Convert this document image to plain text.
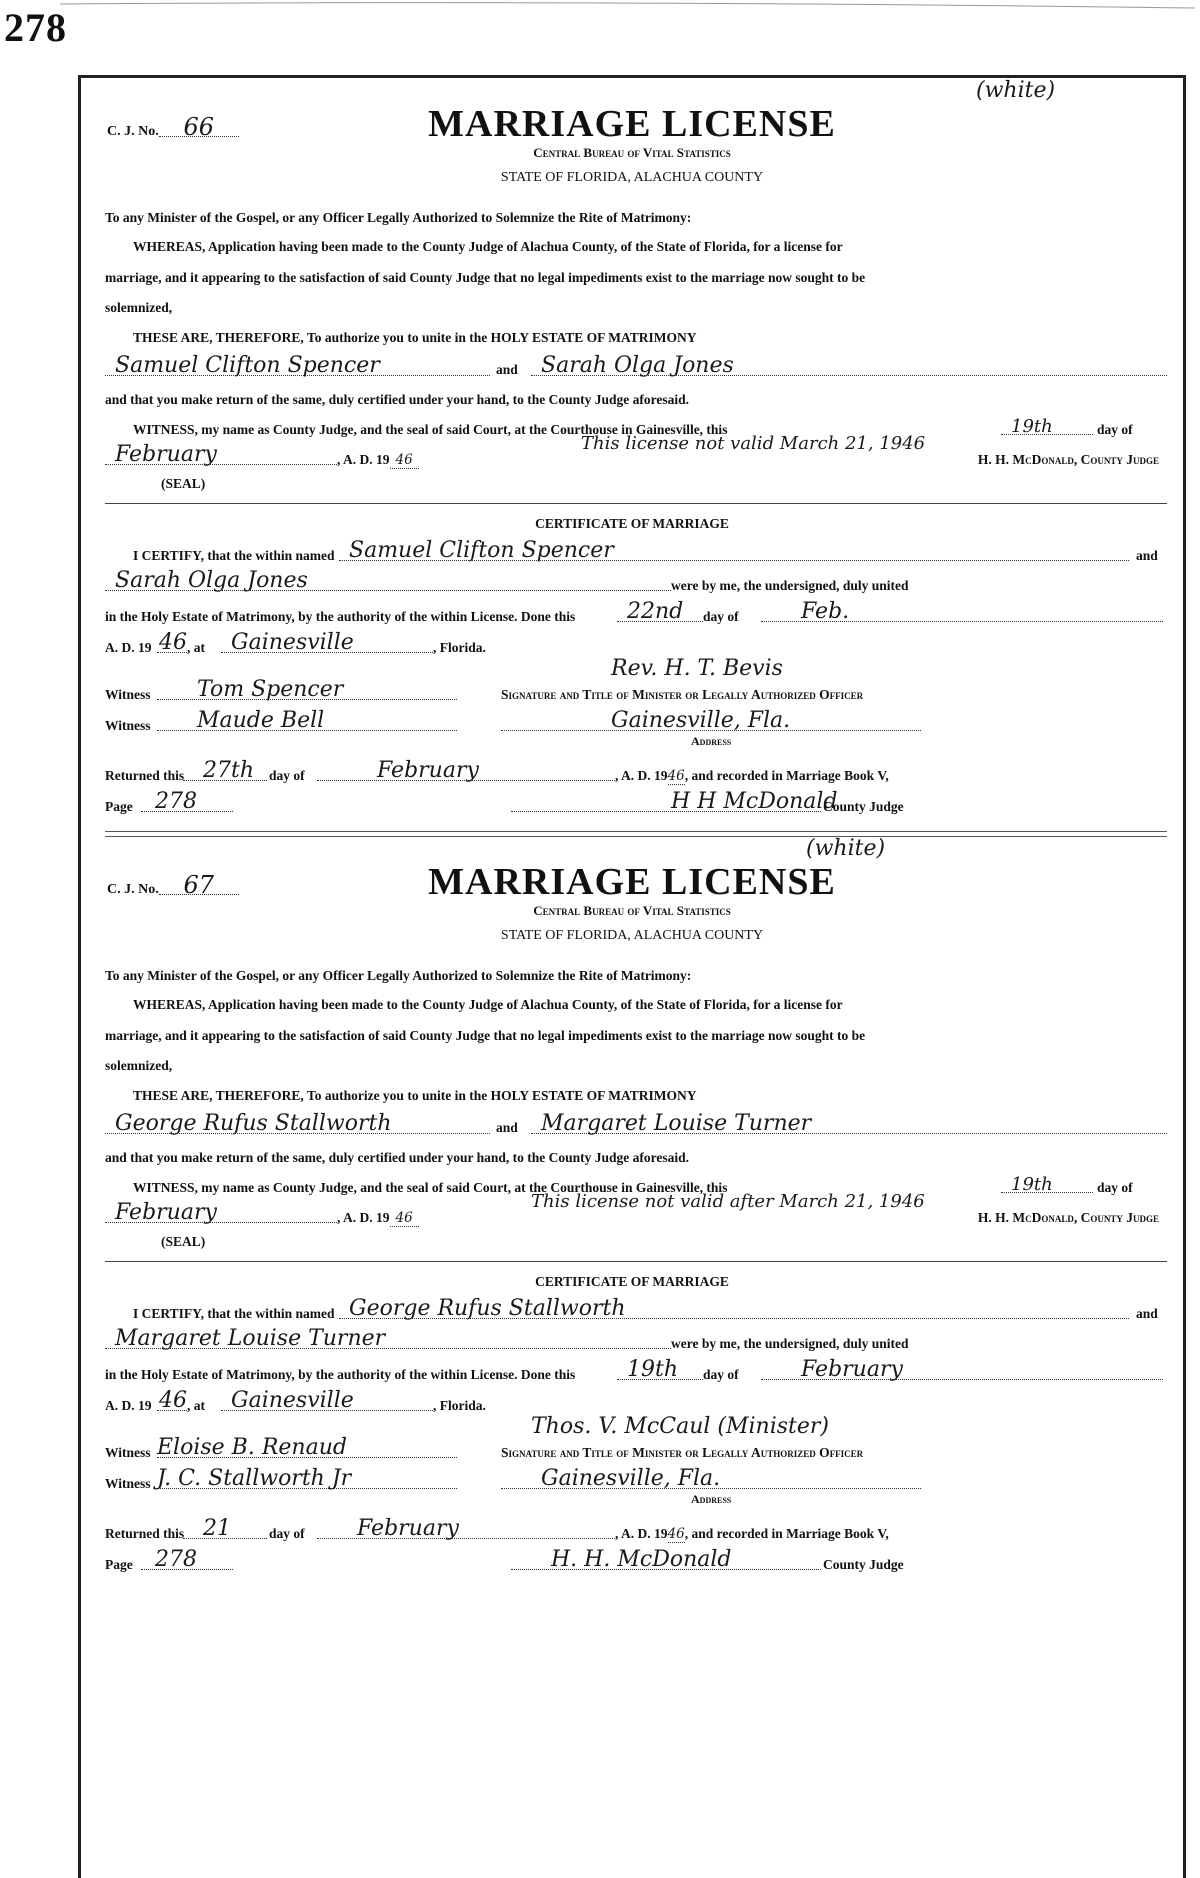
278
(white)
C. J. No. 66	MARRIAGE LICENSE
Central Bureau of Vital Statistics
STATE OF FLORIDA, ALACHUA COUNTY
To any Minister of the Gospel, or any Officer Legally Authorized to Solemnize the Rite of Matrimony:
WHEREAS, Application having been made to the County Judge of Alachua County, of the State of Florida, for a license for
marriage, and it appearing to the satisfaction of said County Judge that no legal impediments exist to the marriage now sought to be
solemnized,
THESE ARE, THEREFORE, To authorize you to unite in the HOLY ESTATE OF MATRIMONY
Samuel Clifton Spencer	and Sarah Olga Jones
and that you make return of the same, duly certified under your hand, to the County Judge aforesaid.
WITNESS, my name as County Judge, and the seal of said Court, at the Courthouse in Gainesville, this	19th	day of
This license not valid March 21, 1946
February	, A. D. 19 46	H. H. McDonald, County Judge
(SEAL)
CERTIFICATE OF MARRIAGE
I CERTIFY, that the within named Samuel Clifton Spencer	and
Sarah Olga Jones	were by me, the undersigned, duly united
in the Holy Estate of Matrimony, by the authority of the within License. Done this 22nd day of	Feb.
A. D. 19 46 , at Gainesville	, Florida.
Rev. H. T. Bevis
Witness Tom Spencer	Signature and Title of Minister or Legally Authorized Officer
Witness Maude Bell	Gainesville, Fla.
Address
Returned this 27th day of	February	, A. D. 1946, and recorded in Marriage Book V,
Page 278	H H McDonald
County Judge
(white)
C. J. No. 67	MARRIAGE LICENSE
Central Bureau of Vital Statistics
STATE OF FLORIDA, ALACHUA COUNTY
To any Minister of the Gospel, or any Officer Legally Authorized to Solemnize the Rite of Matrimony:
WHEREAS, Application having been made to the County Judge of Alachua County, of the State of Florida, for a license for
marriage, and it appearing to the satisfaction of said County Judge that no legal impediments exist to the marriage now sought to be
solemnized,
THESE ARE, THEREFORE, To authorize you to unite in the HOLY ESTATE OF MATRIMONY
George Rufus Stallworth	and Margaret Louise Turner
and that you make return of the same, duly certified under your hand, to the County Judge aforesaid.
WITNESS, my name as County Judge, and the seal of said Court, at the Courthouse in Gainesville, this	19th	day of
This license not valid after March 21, 1946
February	, A. D. 19 46	H. H. McDonald, County Judge
(SEAL)
CERTIFICATE OF MARRIAGE
I CERTIFY, that the within named George Rufus Stallworth	and
Margaret Louise Turner	were by me, the undersigned, duly united
in the Holy Estate of Matrimony, by the authority of the within License. Done this 19th day of	February
A. D. 19 46 , at Gainesville	, Florida.
Thos. V. McCaul (Minister)
Witness Eloise B. Renaud	Signature and Title of Minister or Legally Authorized Officer
Witness J. C. Stallworth Jr	Gainesville, Fla.
Address
Returned this 21	day of February	, A. D. 1946, and recorded in Marriage Book V,
Page 278	H. H. McDonald	County Judge
